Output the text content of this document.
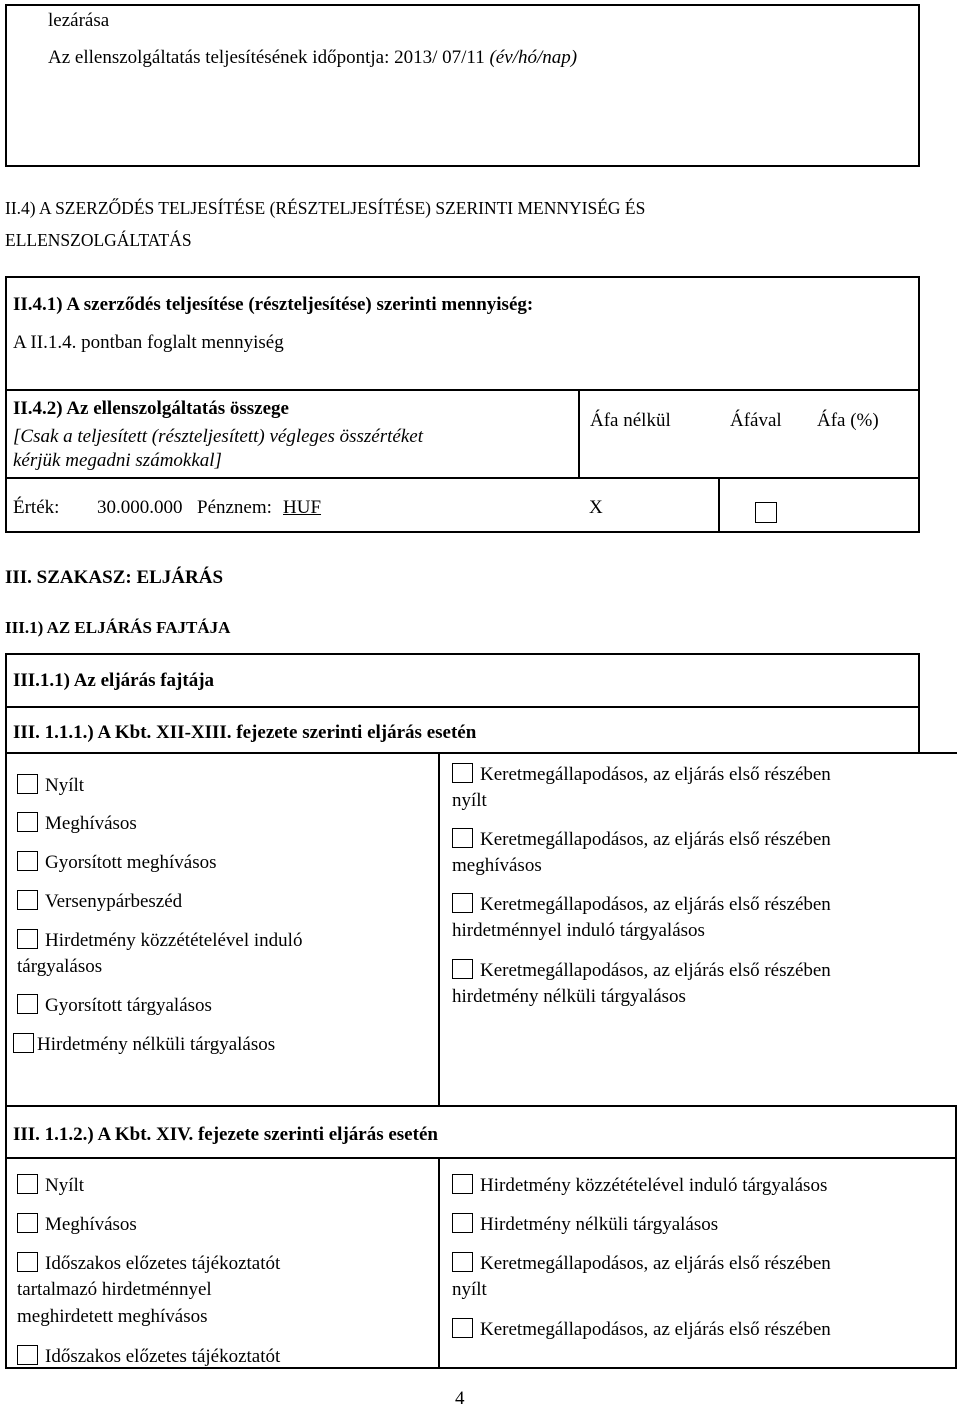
lezárása
Az ellenszolgáltatás teljesítésének időpontja: 2013/ 07/11 (év/hó/nap)
II.4) A SZERZŐDÉS TELJESÍTÉSE (RÉSZTELJESÍTÉSE) SZERINTI MENNYISÉG ÉS
ELLENSZOLGÁLTATÁS
II.4.1) A szerződés teljesítése (részteljesítése) szerinti mennyiség:
A II.1.4. pontban foglalt mennyiség
II.4.2) Az ellenszolgáltatás összege
[Csak a teljesített (részteljesített) végleges összértéket
kérjük megadni számokkal]
Áfa nélkül	Áfával Áfa (%)
Érték: 30.000.000 Pénznem: HUF	X
III. SZAKASZ: ELJÁRÁS
III.1) AZ ELJÁRÁS FAJTÁJA
III.1.1) Az eljárás fajtája
III. 1.1.1.) A Kbt. XII-XIII. fejezete szerinti eljárás esetén
Nyílt
Meghívásos
Gyorsított meghívásos
Versenypárbeszéd
Hirdetmény közzétételével induló
tárgyalásos
Gyorsított tárgyalásos
Hirdetmény nélküli tárgyalásos
Keretmegállapodásos, az eljárás első részében
nyílt
Keretmegállapodásos, az eljárás első részében
meghívásos
Keretmegállapodásos, az eljárás első részében
hirdetménnyel induló tárgyalásos
Keretmegállapodásos, az eljárás első részében
hirdetmény nélküli tárgyalásos
III. 1.1.2.) A Kbt. XIV. fejezete szerinti eljárás esetén
Nyílt
Meghívásos
Időszakos előzetes tájékoztatót
tartalmazó hirdetménnyel
meghirdetett meghívásos
Időszakos előzetes tájékoztatót
Hirdetmény közzétételével induló tárgyalásos
Hirdetmény nélküli tárgyalásos
Keretmegállapodásos, az eljárás első részében
nyílt
Keretmegállapodásos, az eljárás első részében
4
